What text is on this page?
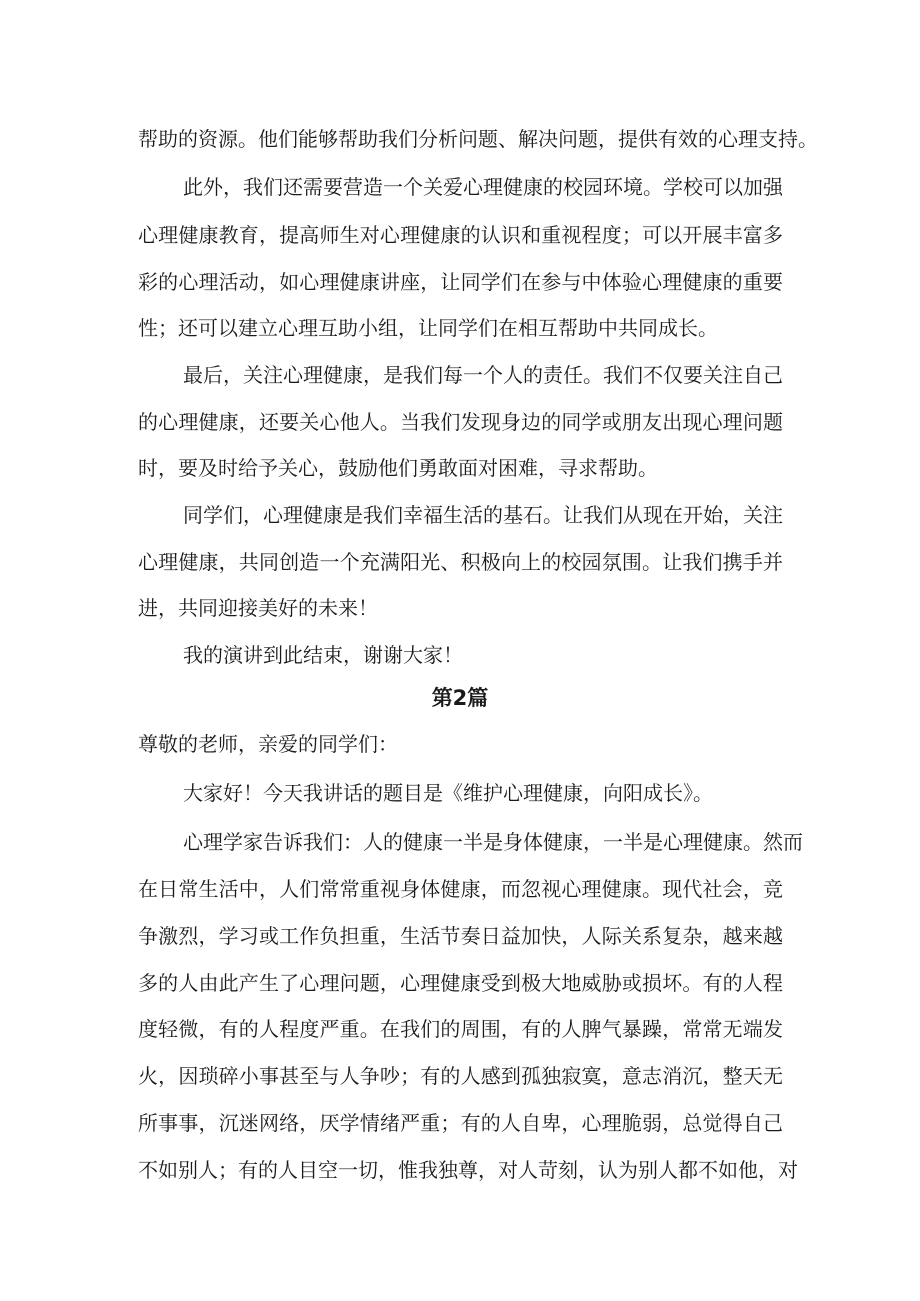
帮助的资源。他们能够帮助我们分析问题、解决问题，提供有效的心理支持。
此外，我们还需要营造一个关爱心理健康的校园环境。学校可以加强
心理健康教育，提高师生对心理健康的认识和重视程度；可以开展丰富多
彩的心理活动，如心理健康讲座，让同学们在参与中体验心理健康的重要
性；还可以建立心理互助小组，让同学们在相互帮助中共同成长。
最后，关注心理健康，是我们每一个人的责任。我们不仅要关注自己
的心理健康，还要关心他人。当我们发现身边的同学或朋友出现心理问题
时，要及时给予关心，鼓励他们勇敢面对困难，寻求帮助。
同学们，心理健康是我们幸福生活的基石。让我们从现在开始，关注
心理健康，共同创造一个充满阳光、积极向上的校园氛围。让我们携手并
进，共同迎接美好的未来！
我的演讲到此结束，谢谢大家！
第2篇
尊敬的老师，亲爱的同学们：
大家好！今天我讲话的题目是《维护心理健康，向阳成长》。
心理学家告诉我们：人的健康一半是身体健康，一半是心理健康。然而
在日常生活中，人们常常重视身体健康，而忽视心理健康。现代社会，竞
争激烈，学习或工作负担重，生活节奏日益加快，人际关系复杂，越来越
多的人由此产生了心理问题，心理健康受到极大地威胁或损坏。有的人程
度轻微，有的人程度严重。在我们的周围，有的人脾气暴躁，常常无端发
火，因琐碎小事甚至与人争吵；有的人感到孤独寂寞，意志消沉，整天无
所事事，沉迷网络，厌学情绪严重；有的人自卑，心理脆弱，总觉得自己
不如别人；有的人目空一切，惟我独尊，对人苛刻，认为别人都不如他，对
